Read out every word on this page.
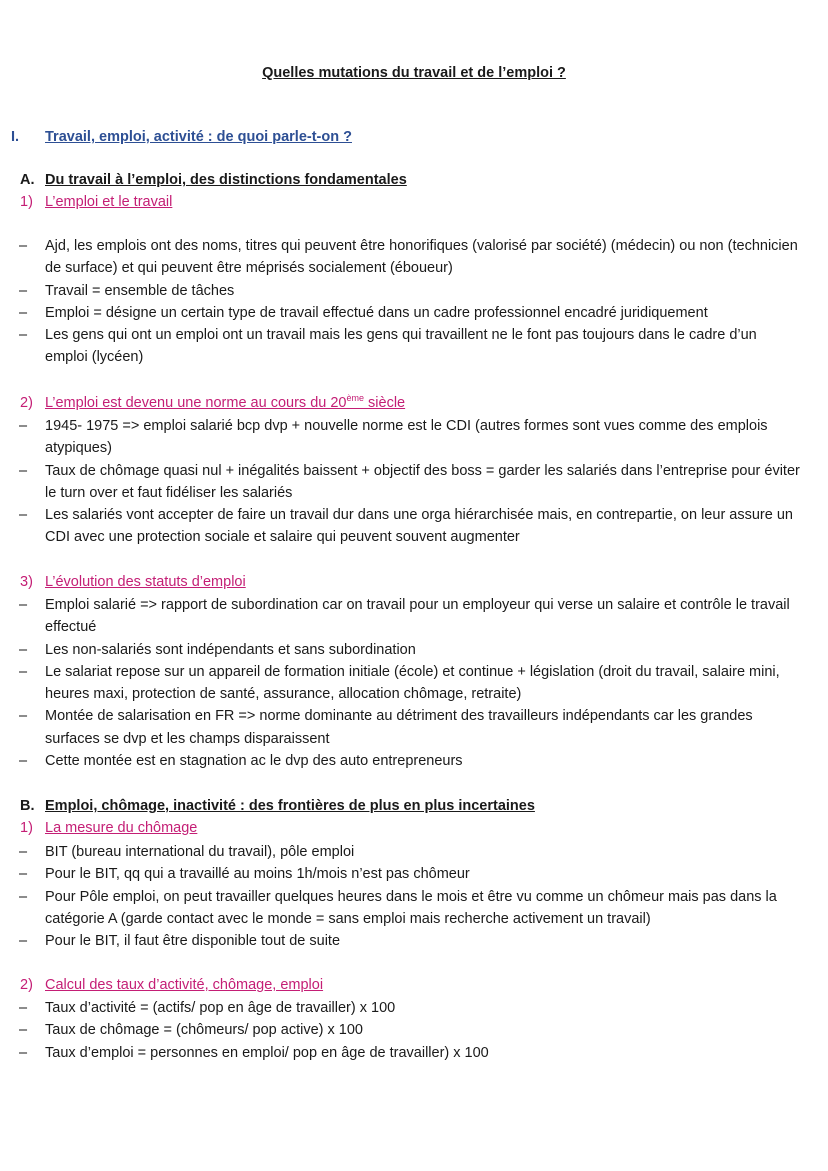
Quelles mutations du travail et de l’emploi ?
I. Travail, emploi, activité : de quoi parle-t-on ?
A. Du travail à l’emploi, des distinctions fondamentales
1) L’emploi et le travail
– Ajd, les emplois ont des noms, titres qui peuvent être honorifiques (valorisé par société) (médecin) ou non (technicien de surface) et qui peuvent être méprisés socialement (éboueur)
– Travail = ensemble de tâches
– Emploi = désigne un certain type de travail effectué dans un cadre professionnel encadré juridiquement
– Les gens qui ont un emploi ont un travail mais les gens qui travaillent ne le font pas toujours dans le cadre d’un emploi (lycéen)
2) L’emploi est devenu une norme au cours du 20ème siècle
– 1945- 1975 => emploi salarié bcp dvp + nouvelle norme est le CDI (autres formes sont vues comme des emplois atypiques)
– Taux de chômage quasi nul + inégalités baissent + objectif des boss = garder les salariés dans l’entreprise pour éviter le turn over et faut fidéliser les salariés
– Les salariés vont accepter de faire un travail dur dans une orga hiérarchisée mais, en contrepartie, on leur assure un CDI avec une protection sociale et salaire qui peuvent souvent augmenter
3) L’évolution des statuts d’emploi
– Emploi salarié => rapport de subordination car on travail pour un employeur qui verse un salaire et contrôle le travail effectué
– Les non-salariés sont indépendants et sans subordination
– Le salariat repose sur un appareil de formation initiale (école) et continue + législation (droit du travail, salaire mini, heures maxi, protection de santé, assurance, allocation chômage, retraite)
– Montée de salarisation en FR => norme dominante au détriment des travailleurs indépendants car les grandes surfaces se dvp et les champs disparaissent
– Cette montée est en stagnation ac le dvp des auto entrepreneurs
B. Emploi, chômage, inactivité : des frontières de plus en plus incertaines
1) La mesure du chômage
– BIT (bureau international du travail), pôle emploi
– Pour le BIT, qq qui a travaillé au moins 1h/mois n’est pas chômeur
– Pour Pôle emploi, on peut travailler quelques heures dans le mois et être vu comme un chômeur mais pas dans la catégorie A (garde contact avec le monde = sans emploi mais recherche activement un travail)
– Pour le BIT, il faut être disponible tout de suite
2) Calcul des taux d’activité, chômage, emploi
– Taux d’activité = (actifs/ pop en âge de travailler) x 100
– Taux de chômage = (chômeurs/ pop active) x 100
– Taux d’emploi = personnes en emploi/ pop en âge de travailler) x 100
